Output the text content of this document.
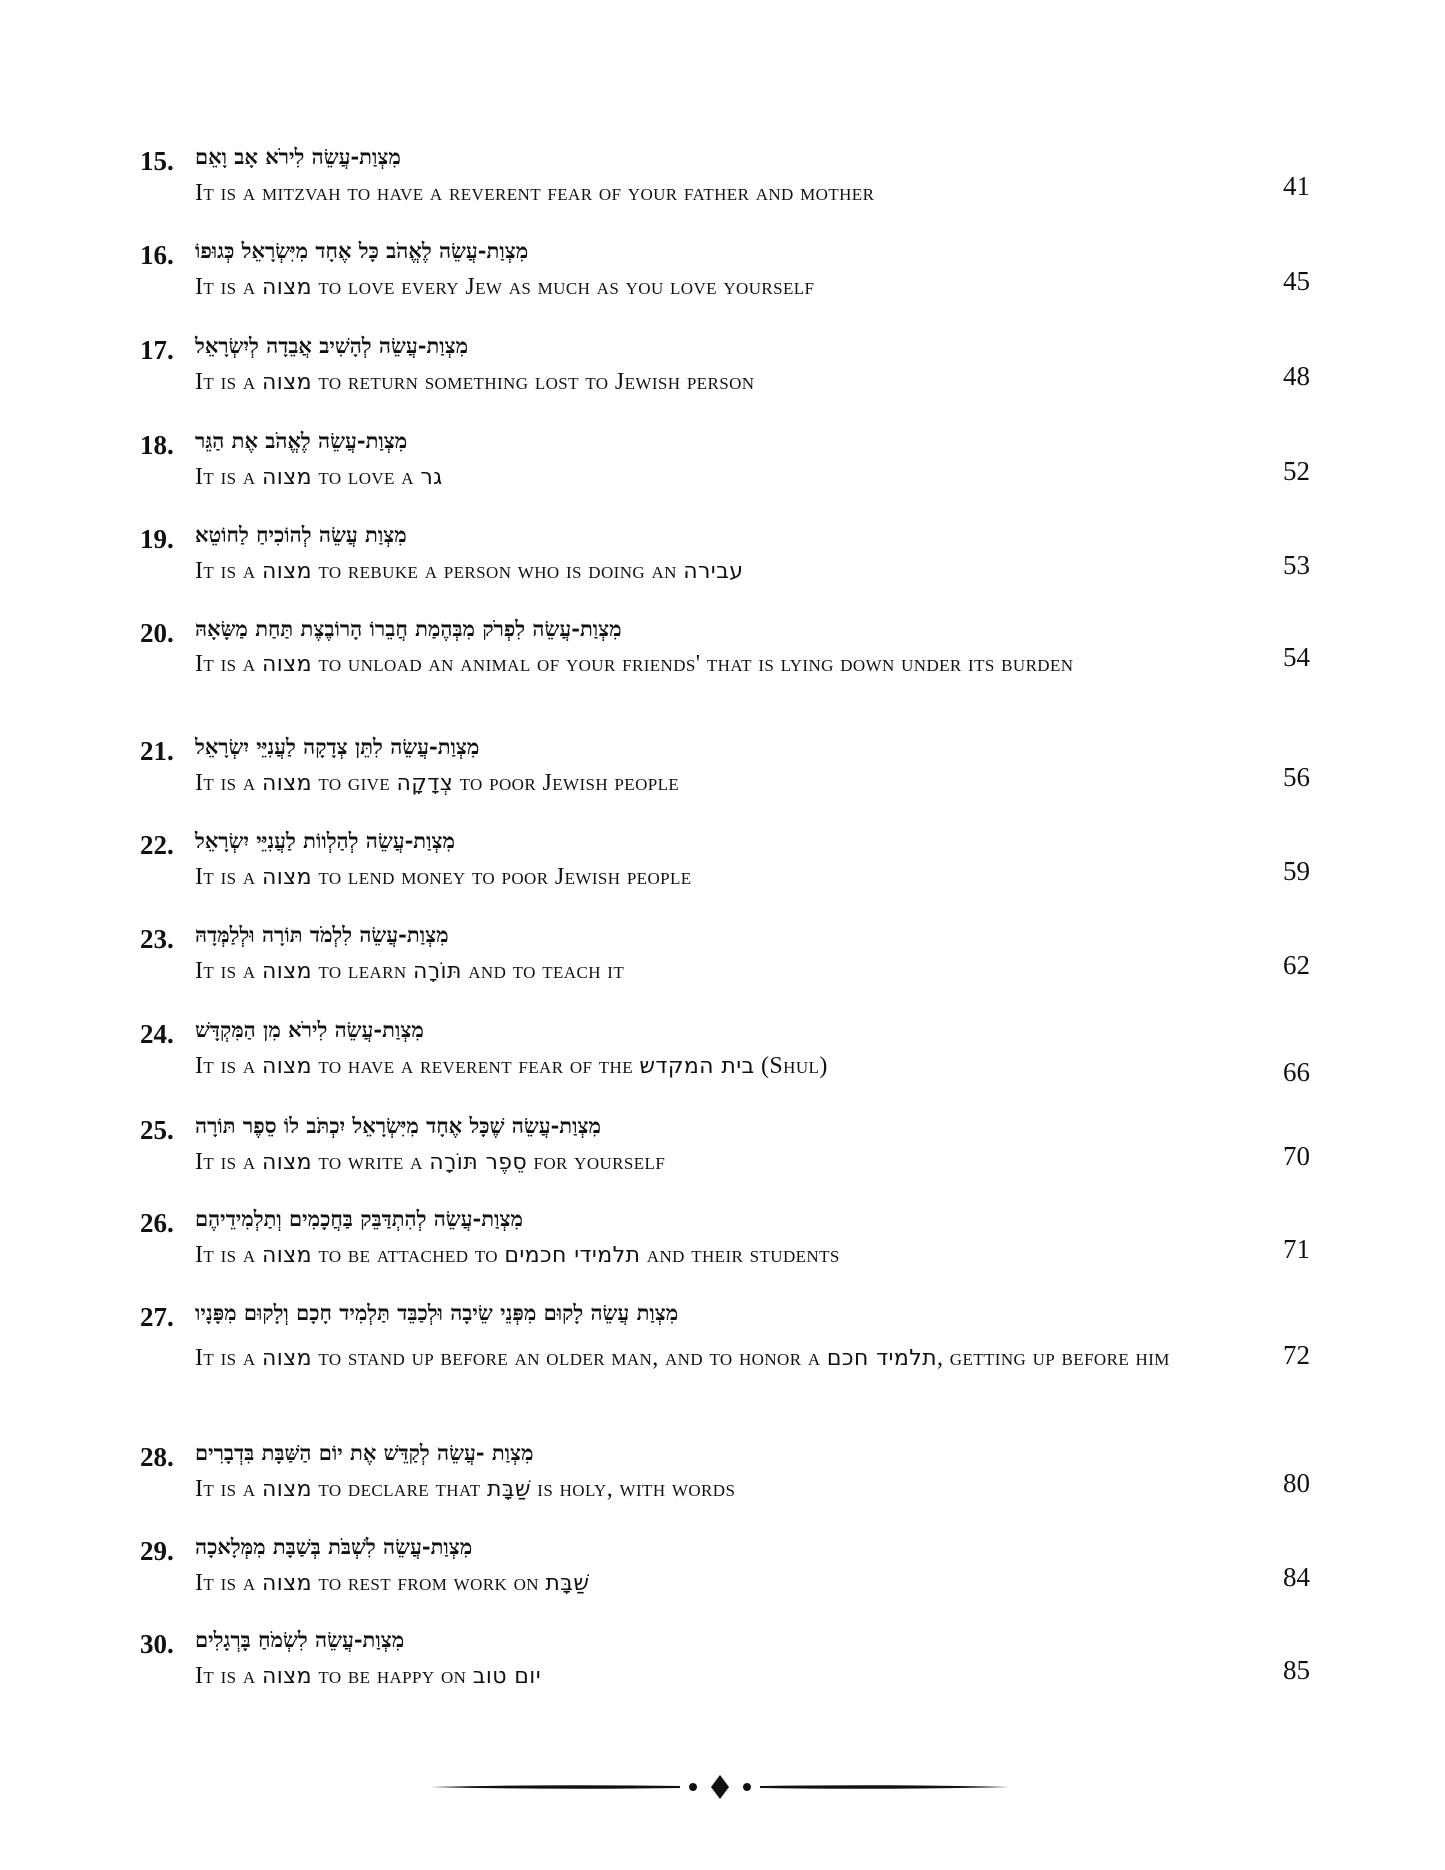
15. מִצְוַת-עֲשֵׂה לִירֹא אָב וָאֵם
It is a mitzvah to have a reverent fear of your father and mother	41
16. מִצְוַת-עֲשֵׂה לֶאֱהֹב כָּל אֶחָד מִיִּשְׂרָאֵל כְּגוּפוֹ
It is a מצוה to love every Jew as much as you love yourself	45
17. מִצְוַת-עֲשֵׂה לְהָשִׁיב אֲבֵדָה לְיִשְׂרָאֵל
It is a מצוה to return something lost to Jewish person	48
18. מִצְוַת-עֲשֵׂה לֶאֱהֹב אֶת הַגֵּר
It is a מצוה to love a גר	52
19. מִצְוַת עֲשֵׂה לְהוֹכִיחַ לַחוֹטֵא
It is a מצוה to rebuke a person who is doing an עבירה	53
20. מִצְוַת-עֲשֵׂה לִפְרֹק מִבְּהֶמַת חֲבֵרוֹ הָרוֹבֶצֶת תַּחַת מַשָּׂאָהּ
It is a מצוה to unload an animal of your friends' that is lying down under its burden	54
21. מִצְוַת-עֲשֵׂה לִתֵּן צְדָקָה לַעֲנִיֵּי יִשְׂרָאֵל
It is a מצוה to give צְדָקָה to poor Jewish people	56
22. מִצְוַת-עֲשֵׂה לְהַלְווֹת לַעֲנִיֵּי יִשְׂרָאֵל
It is a מצוה to lend money to poor Jewish people	59
23. מִצְוַת-עֲשֵׂה לִלְמֹד תּוֹרָה וּלְלַמְּדָהּ
It is a מצוה to learn תּוֹרָה and to teach it	62
24. מִצְוַת-עֲשֵׂה לִירֹא מִן הַמִּקְדָּשׁ
It is a מצוה to have a reverent fear of the בית המקדש (Shul)	66
25. מִצְוַת-עֲשֵׂה שֶׁכָּל אֶחָד מִיִּשְׂרָאֵל יִכְתֹּב לוֹ סֵפֶר תּוֹרָה
It is a מצוה to write a סֵפֶר תּוֹרָה for yourself	70
26. מִצְוַת-עֲשֵׂה לְהִתְדַּבֵּק בַּחֲכָמִים וְתַלְמִידֵיהֶם
It is a מצוה to be attached to תלמידי חכמים and their students	71
27. מִצְוַת עֲשֵׂה לָקוּם מִפְּנֵי שֵׂיבָה וּלְכַבֵּד תַּלְמִיד חָכָם וְלָקוּם מִפָּנָיו
It is a מצוה to stand up before an older man, and to honor a תלמיד חכם, getting up before him	72
28. מִצְוַת -עֲשֵׂה לְקַדֵּשׁ אֶת יוֹם הַשַּׁבָּת בִּדְבָרִים
It is a מצוה to declare that שַׁבָּת is holy, with words	80
29. מִצְוַת-עֲשֵׂה לִשְׁבֹּת בְּשַׁבָּת מִמְּלָאכָה
It is a מצוה to rest from work on שַׁבָּת	84
30. מִצְוַת-עֲשֵׂה לִשְׂמֹחַ בָּרְגָלִים
It is a מצוה to be happy on יום טוב	85
